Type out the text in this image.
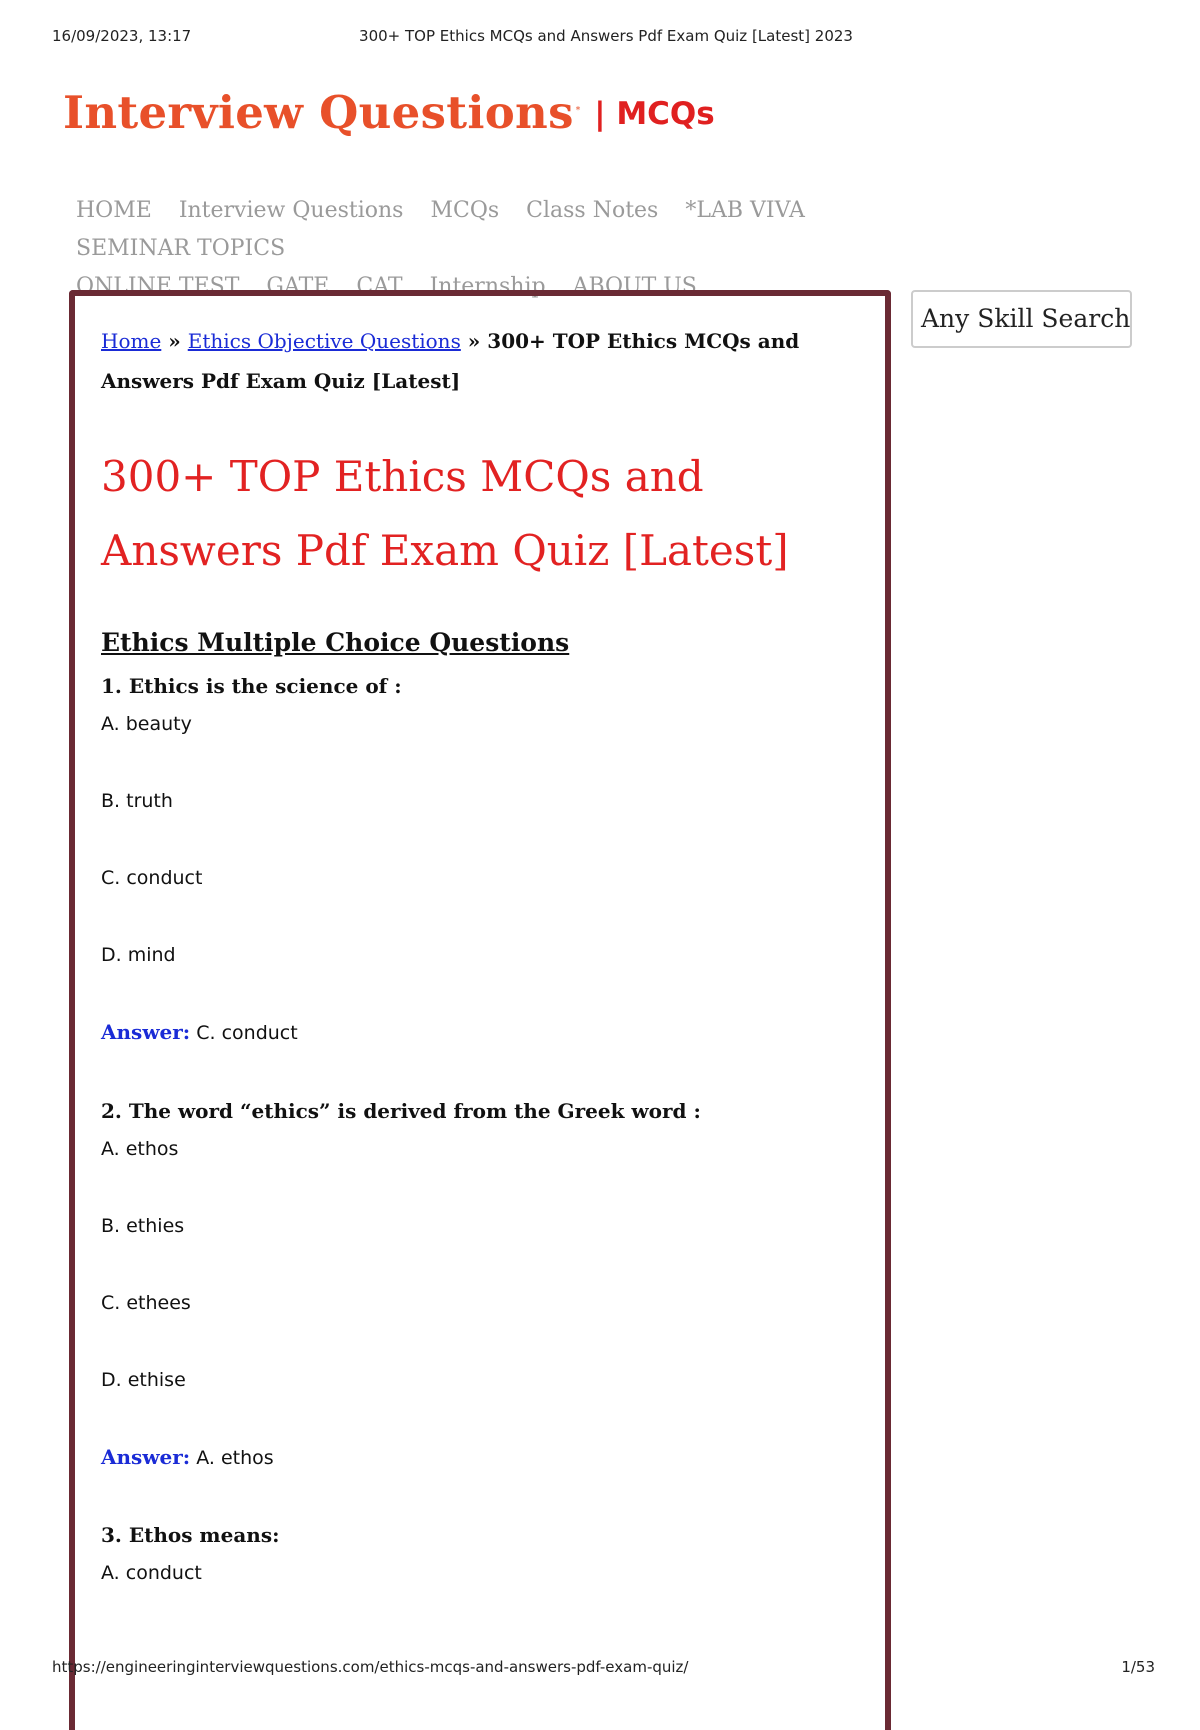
16/09/2023, 13:17	300+ TOP Ethics MCQs and Answers Pdf Exam Quiz [Latest] 2023
Interview Questions $_*$ | MCQs
HOME Interview Questions MCQs Class Notes *LAB VIVA SEMINAR TOPICS
ONLINE TEST GATE CAT Internship ABOUT US
Home » Ethics Objective Questions » 300+ TOP Ethics MCQs and Answers Pdf Exam Quiz [Latest]
300+ TOP Ethics MCQs and Answers Pdf Exam Quiz [Latest]
Ethics Multiple Choice Questions
1. Ethics is the science of :
A. beauty
B. truth
C. conduct
D. mind
Answer: C. conduct
2. The word “ethics” is derived from the Greek word :
A. ethos
B. ethies
C. ethees
D. ethise
Answer: A. ethos
3. Ethos means:
A. conduct
Any Skill Search
https://engineeringinterviewquestions.com/ethics-mcqs-and-answers-pdf-exam-quiz/	1/53
